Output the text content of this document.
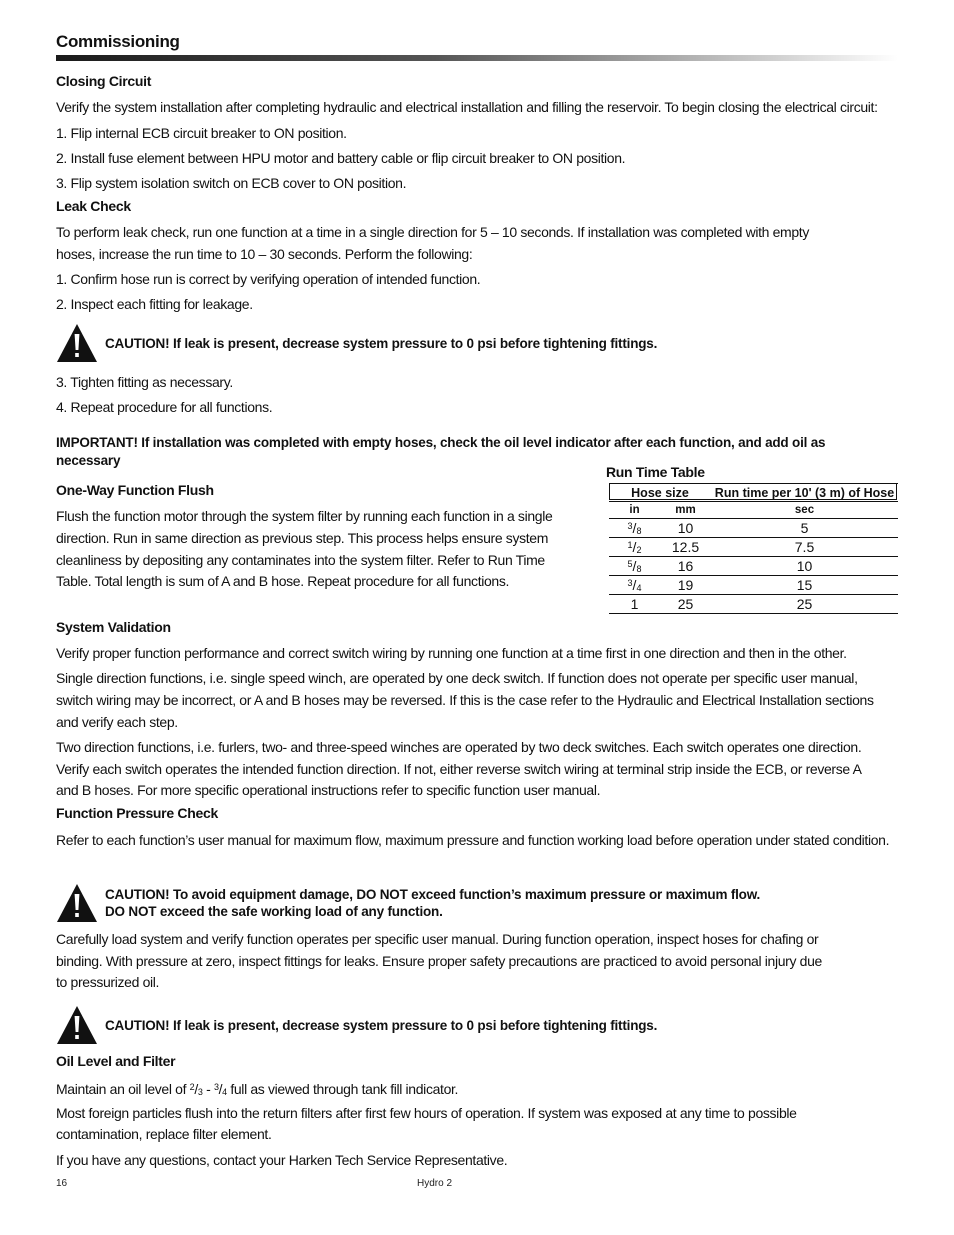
Commissioning
Closing Circuit
Verify the system installation after completing hydraulic and electrical installation and filling the reservoir. To begin closing the electrical circuit:
1. Flip internal ECB circuit breaker to ON position.
2. Install fuse element between HPU motor and battery cable or flip circuit breaker to ON position.
3. Flip system isolation switch on ECB cover to ON position.
Leak Check
To perform leak check, run one function at a time in a single direction for 5 – 10 seconds. If installation was completed with empty
hoses, increase the run time to 10 – 30 seconds. Perform the following:
1. Confirm hose run is correct by verifying operation of intended function.
2. Inspect each fitting for leakage.
CAUTION! If leak is present, decrease system pressure to 0 psi before tightening fittings.
3. Tighten fitting as necessary.
4. Repeat procedure for all functions.
IMPORTANT! If installation was completed with empty hoses, check the oil level indicator after each function, and add oil as
necessary
One-Way Function Flush
Flush the function motor through the system filter by running each function in a single
direction. Run in same direction as previous step. This process helps ensure system
cleanliness by depositing any contaminates into the system filter. Refer to Run Time
Table. Total length is sum of A and B hose. Repeat procedure for all functions.
Run Time Table
Hose size		Run time per 10' (3 m) of Hose
in	mm	sec
$^3/_8$	10	5
$^1/_2$	12.5	7.5
$^5/_8$	16	10
$^3/_4$	19	15
1	25	25
System Validation
Verify proper function performance and correct switch wiring by running one function at a time first in one direction and then in the other.
Single direction functions, i.e. single speed winch, are operated by one deck switch. If function does not operate per specific user manual,
switch wiring may be incorrect, or A and B hoses may be reversed. If this is the case refer to the Hydraulic and Electrical Installation sections
and verify each step.
Two direction functions, i.e. furlers, two- and three-speed winches are operated by two deck switches. Each switch operates one direction.
Verify each switch operates the intended function direction. If not, either reverse switch wiring at terminal strip inside the ECB, or reverse A
and B hoses. For more specific operational instructions refer to specific function user manual.
Function Pressure Check
Refer to each function’s user manual for maximum flow, maximum pressure and function working load before operation under stated condition.
CAUTION! To avoid equipment damage, DO NOT exceed function’s maximum pressure or maximum flow.
DO NOT exceed the safe working load of any function.
Carefully load system and verify function operates per specific user manual. During function operation, inspect hoses for chafing or
binding. With pressure at zero, inspect fittings for leaks. Ensure proper safety precautions are practiced to avoid personal injury due
to pressurized oil.
CAUTION! If leak is present, decrease system pressure to 0 psi before tightening fittings.
Oil Level and Filter
Maintain an oil level of $^2/_3 - ^3/_4$ full as viewed through tank fill indicator.
Most foreign particles flush into the return filters after first few hours of operation. If system was exposed at any time to possible
contamination, replace filter element.
If you have any questions, contact your Harken Tech Service Representative.
16	Hydro 2
